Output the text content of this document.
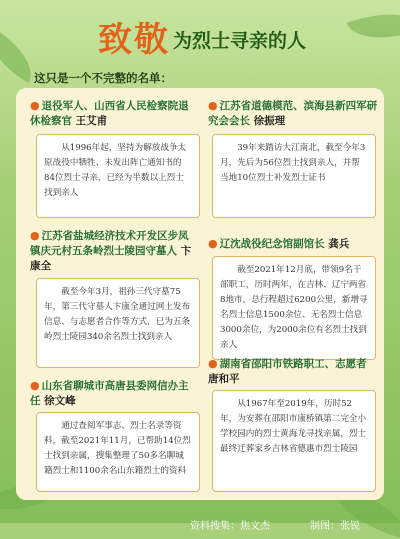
致敬 为烈士寻亲的人
这只是一个不完整的名单：
● 退役军人、山西省人民检察院退休检察官 王艾甫
从1996年起，坚持为解放战争太原战役中牺牲、未发出阵亡通知书的84位烈士寻亲，已经为半数以上烈士找到亲人
● 江苏省盐城经济技术开发区步凤镇庆元村五条岭烈士陵园守墓人 卞康全
截至今年3月，祖孙三代守墓75年，第三代守墓人卞康全通过网上发布信息、与志愿者合作等方式，已为五条岭烈士陵园340余名烈士找到亲人
● 山东省聊城市高唐县委网信办主任 徐文峰
通过查阅军事志、烈士名录等资料，截至2021年11月，已帮助14位烈士找到亲属，搜集整理了50多名聊城籍烈士和1100余名山东籍烈士的资料
● 江苏省道德模范、滨海县新四军研究会会长 徐振理
39年来踏访大江南北，截至今年3月，先后为56位烈士找到亲人，并帮当地10位烈士补发烈士证书
● 辽沈战役纪念馆副馆长 龚兵
截至2021年12月底，带领9名干部职工，历时两年，在吉林、辽宁两省8地市，总行程超过6200公里，新增寻名烈士信息1500余位、无名烈士信息3000余位，为2000余位有名烈士找到亲人
● 湖南省邵阳市铁路职工、志愿者 唐和平
从1967年至2019年，历时52年，为安葬在邵阳市康桥镇第二完全小学校园内的烈士黄海龙寻找亲属，烈士最终迁葬家乡吉林省德惠市烈士陵园
资料搜集：焦文杰	制图：张锐
